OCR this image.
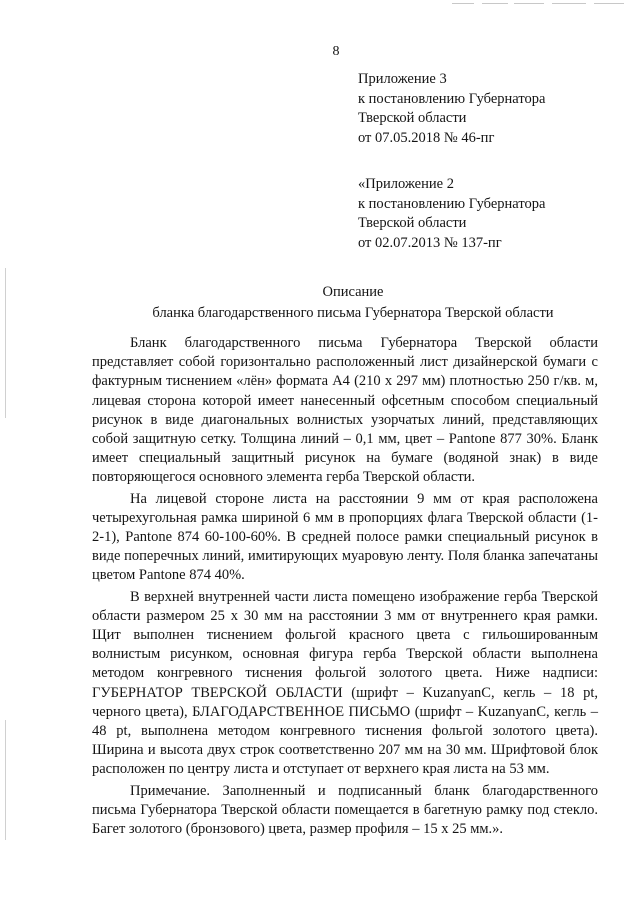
8
Приложение 3
к постановлению Губернатора
Тверской области
от 07.05.2018 № 46-пг
«Приложение 2
к постановлению Губернатора
Тверской области
от 02.07.2013 № 137-пг
Описание
бланка благодарственного письма Губернатора Тверской области

Бланк благодарственного письма Губернатора Тверской области представляет собой горизонтально расположенный лист дизайнерской бумаги с фактурным тиснением «лён» формата А4 (210 x 297 мм) плотностью 250 г/кв. м, лицевая сторона которой имеет нанесенный офсетным способом специальный рисунок в виде диагональных волнистых узорчатых линий, представляющих собой защитную сетку. Толщина линий – 0,1 мм, цвет – Pantone 877 30%. Бланк имеет специальный защитный рисунок на бумаге (водяной знак) в виде повторяющегося основного элемента герба Тверской области.

На лицевой стороне листа на расстоянии 9 мм от края расположена четырехугольная рамка шириной 6 мм в пропорциях флага Тверской области (1-2-1), Pantone 874 60-100-60%. В средней полосе рамки специальный рисунок в виде поперечных линий, имитирующих муаровую ленту. Поля бланка запечатаны цветом Pantone 874 40%.

В верхней внутренней части листа помещено изображение герба Тверской области размером 25 x 30 мм на расстоянии 3 мм от внутреннего края рамки. Щит выполнен тиснением фольгой красного цвета с гильошированным волнистым рисунком, основная фигура герба Тверской области выполнена методом конгревного тиснения фольгой золотого цвета. Ниже надписи: ГУБЕРНАТОР ТВЕРСКОЙ ОБЛАСТИ (шрифт – KuzanyanC, кегль – 18 pt, черного цвета), БЛАГОДАРСТВЕННОЕ ПИСЬМО (шрифт – KuzanyanC, кегль – 48 pt, выполнена методом конгревного тиснения фольгой золотого цвета). Ширина и высота двух строк соответственно 207 мм на 30 мм. Шрифтовой блок расположен по центру листа и отступает от верхнего края листа на 53 мм.

Примечание. Заполненный и подписанный бланк благодарственного письма Губернатора Тверской области помещается в багетную рамку под стекло. Багет золотого (бронзового) цвета, размер профиля – 15 x 25 мм.».
